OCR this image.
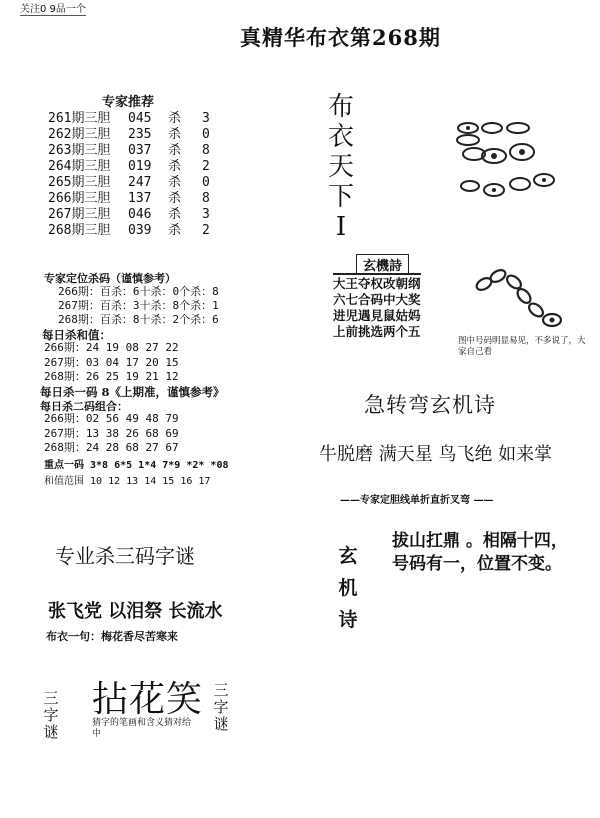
关注0 9品一个
真精华布衣第268期
专家推荐
261期三胆 045 杀 3
262期三胆 235 杀 0
263期三胆 037 杀 8
264期三胆 019 杀 2
265期三胆 247 杀 0
266期三胆 137 杀 8
267期三胆 046 杀 3
268期三胆 039 杀 2
专家定位杀码（谨慎参考）
266期：百杀：6十杀：0个杀：8
267期：百杀：3十杀：8个杀：1
268期：百杀：8十杀：2个杀：6
每日杀和值：
266期：24 19 08 27 22
267期：03 04 17 20 15
268期：26 25 19 21 12
每日杀一码 8《上期准，谨慎参考》
每日杀二码组合：
266期：02 56 49 48 79
267期：13 38 26 68 69
268期：24 28 68 27 67
重点一码 3*8 6*5 1*4 7*9 *2* *08
和值范围 10 12 13 14 15 16 17
专业杀三码字谜
张飞党 以泪祭 长流水
布衣一句：梅花香尽苦寒来
三字谜
拈花笑
猜字的笔画和含义猜对给中
三字谜
布衣天下Ⅰ
玄機詩
大王夺权改朝纲
六七合码中大奖
进児遇見鼠姑妈
上前挑选两个五
图中号码明显易见，不多说了，大家自己看
急转弯玄机诗
牛脱磨 满天星 鸟飞绝 如来掌
——专家定胆线单折直折叉弯 ——
玄机诗
拔山扛鼎 。相隔十四，
号码有一，位置不变。
